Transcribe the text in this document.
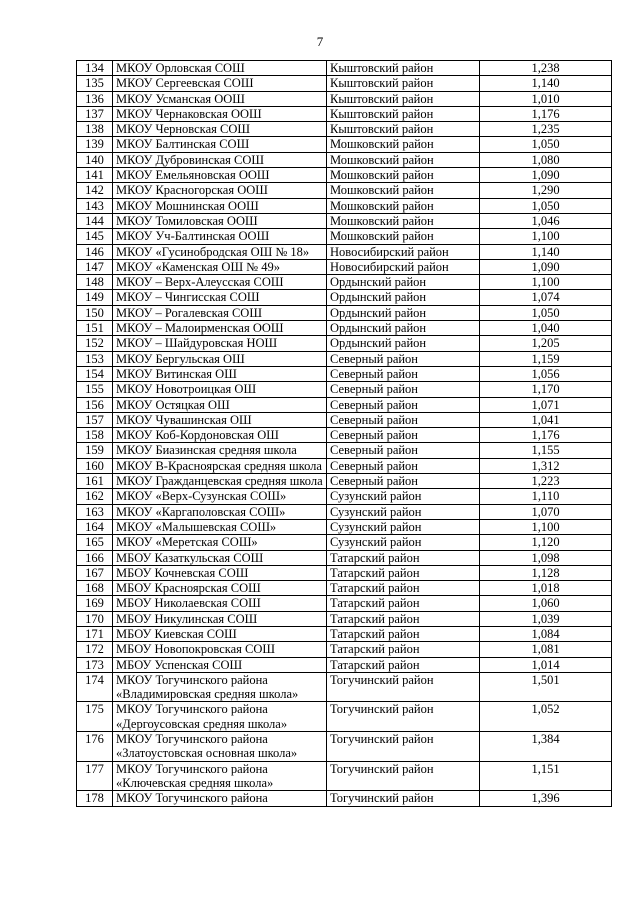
7
134	МКОУ Орловская СОШ	Кыштовский район	1,238
135	МКОУ Сергеевская СОШ	Кыштовский район	1,140
136	МКОУ Усманская ООШ	Кыштовский район	1,010
137	МКОУ Чернаковская ООШ	Кыштовский район	1,176
138	МКОУ Черновская СОШ	Кыштовский район	1,235
139	МКОУ Балтинская СОШ	Мошковский район	1,050
140	МКОУ Дубровинская СОШ	Мошковский район	1,080
141	МКОУ Емельяновская ООШ	Мошковский район	1,090
142	МКОУ Красногорская ООШ	Мошковский район	1,290
143	МКОУ Мошнинская ООШ	Мошковский район	1,050
144	МКОУ Томиловская ООШ	Мошковский район	1,046
145	МКОУ Уч-Балтинская ООШ	Мошковский район	1,100
146	МКОУ «Гусинобродская ОШ № 18»	Новосибирский район	1,140
147	МКОУ «Каменская ОШ № 49»	Новосибирский район	1,090
148	МКОУ – Верх-Алеусская СОШ	Ордынский район	1,100
149	МКОУ – Чингисская СОШ	Ордынский район	1,074
150	МКОУ – Рогалевская СОШ	Ордынский район	1,050
151	МКОУ – Малоирменская ООШ	Ордынский район	1,040
152	МКОУ – Шайдуровская НОШ	Ордынский район	1,205
153	МКОУ Бергульская ОШ	Северный район	1,159
154	МКОУ Витинская ОШ	Северный район	1,056
155	МКОУ Новотроицкая ОШ	Северный район	1,170
156	МКОУ Остяцкая ОШ	Северный район	1,071
157	МКОУ Чувашинская ОШ	Северный район	1,041
158	МКОУ Коб-Кордоновская ОШ	Северный район	1,176
159	МКОУ Биазинская средняя школа	Северный район	1,155
160	МКОУ В-Красноярская средняя школа	Северный район	1,312
161	МКОУ Гражданцевская средняя школа	Северный район	1,223
162	МКОУ «Верх-Сузунская СОШ»	Сузунский район	1,110
163	МКОУ «Каргаполовская СОШ»	Сузунский район	1,070
164	МКОУ «Малышевская СОШ»	Сузунский район	1,100
165	МКОУ «Меретская СОШ»	Сузунский район	1,120
166	МБОУ Казаткульская СОШ	Татарский район	1,098
167	МБОУ Кочневская СОШ	Татарский район	1,128
168	МБОУ Красноярская СОШ	Татарский район	1,018
169	МБОУ Николаевская СОШ	Татарский район	1,060
170	МБОУ Никулинская СОШ	Татарский район	1,039
171	МБОУ Киевская СОШ	Татарский район	1,084
172	МБОУ Новопокровская СОШ	Татарский район	1,081
173	МБОУ Успенская СОШ	Татарский район	1,014
174	МКОУ Тогучинского района «Владимировская средняя школа»	Тогучинский район	1,501
175	МКОУ Тогучинского района «Дергоусовская средняя школа»	Тогучинский район	1,052
176	МКОУ Тогучинского района «Златоустовская основная школа»	Тогучинский район	1,384
177	МКОУ Тогучинского района «Ключевская средняя школа»	Тогучинский район	1,151
178	МКОУ Тогучинского района	Тогучинский район	1,396
